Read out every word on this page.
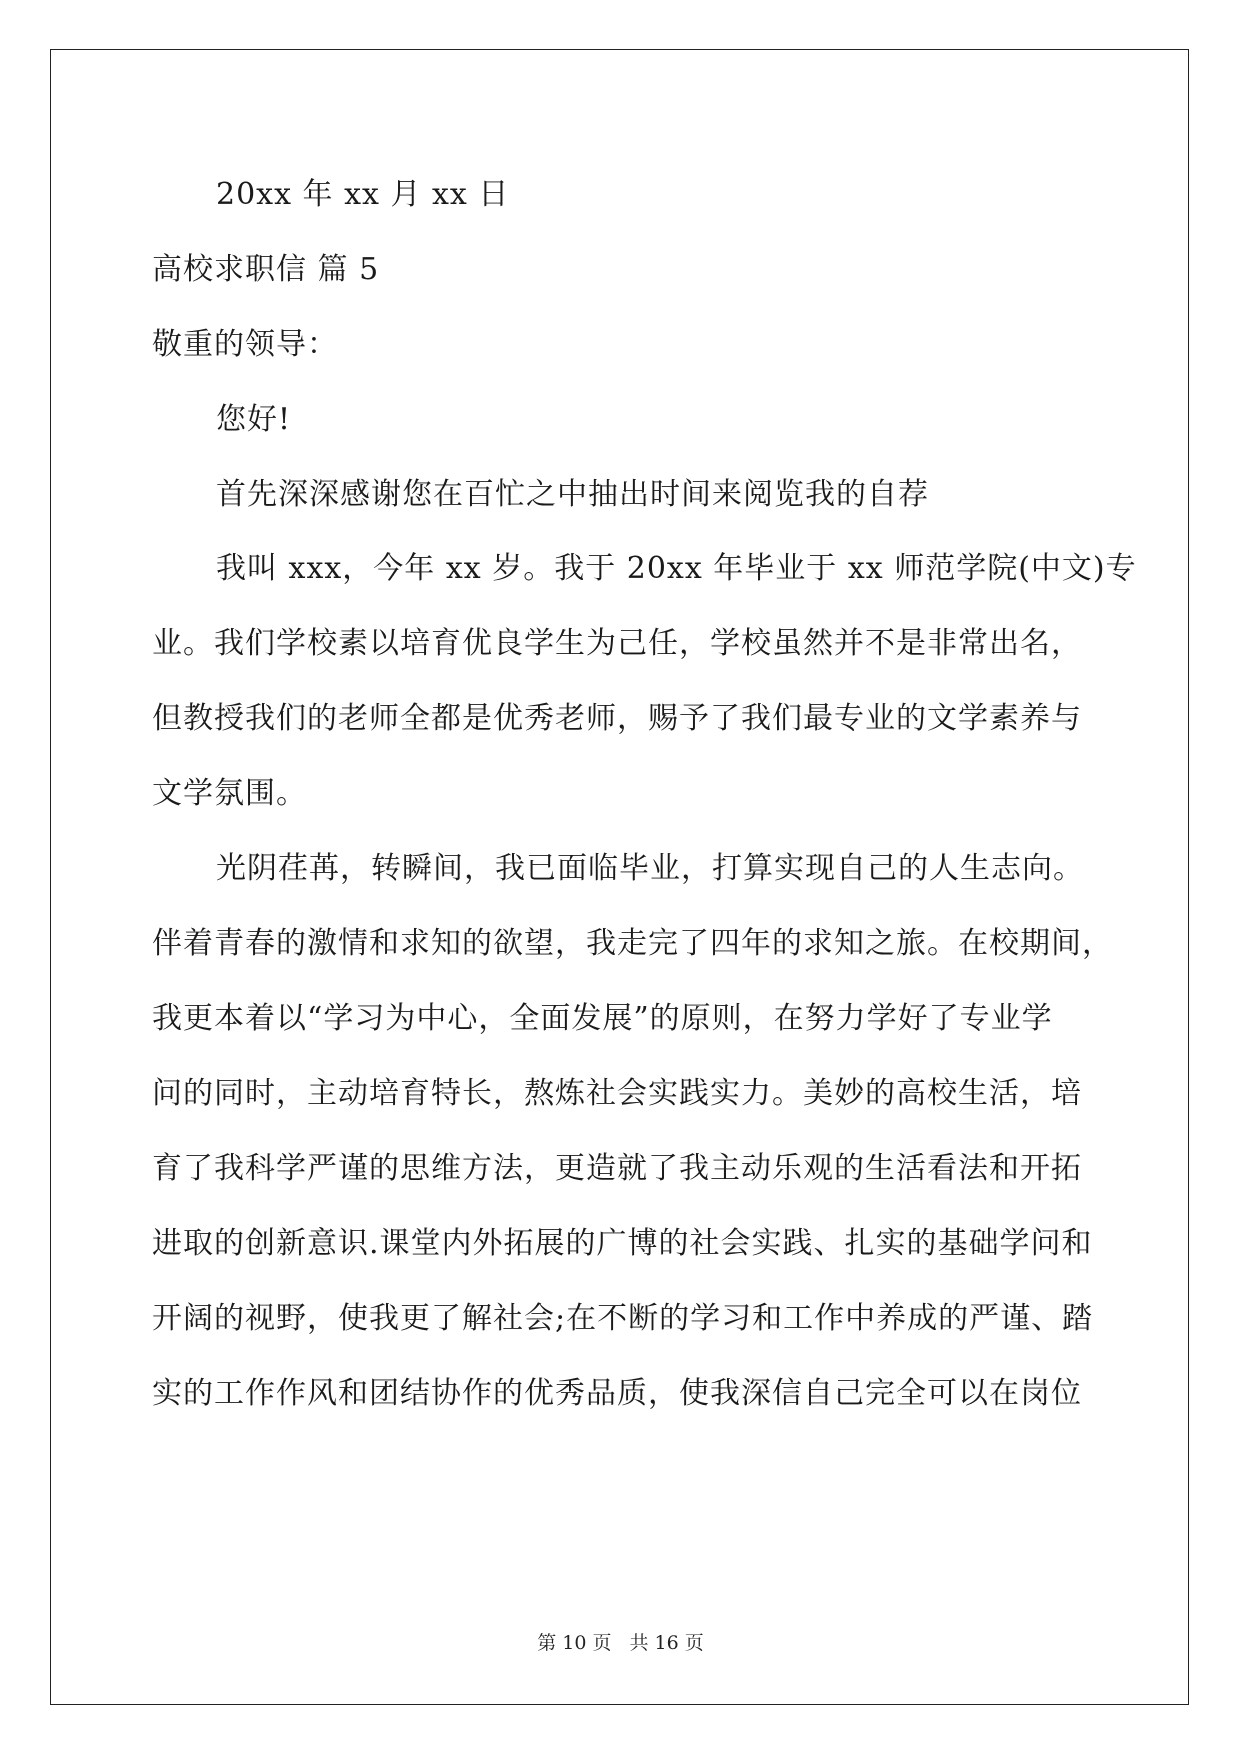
20xx 年 xx 月 xx 日
高校求职信 篇 5
敬重的领导：
您好!
首先深深感谢您在百忙之中抽出时间来阅览我的自荐
我叫 xxx，今年 xx 岁。我于 20xx 年毕业于 xx 师范学院(中文)专
业。我们学校素以培育优良学生为己任，学校虽然并不是非常出名，
但教授我们的老师全都是优秀老师，赐予了我们最专业的文学素养与
文学氛围。
光阴荏苒，转瞬间，我已面临毕业，打算实现自己的人生志向。
伴着青春的激情和求知的欲望，我走完了四年的求知之旅。在校期间，
我更本着以“学习为中心，全面发展”的原则，在努力学好了专业学
问的同时，主动培育特长，熬炼社会实践实力。美妙的高校生活，培
育了我科学严谨的思维方法，更造就了我主动乐观的生活看法和开拓
进取的创新意识.课堂内外拓展的广博的社会实践、扎实的基础学问和
开阔的视野，使我更了解社会;在不断的学习和工作中养成的严谨、踏
实的工作作风和团结协作的优秀品质，使我深信自己完全可以在岗位
第 10 页 共 16 页
